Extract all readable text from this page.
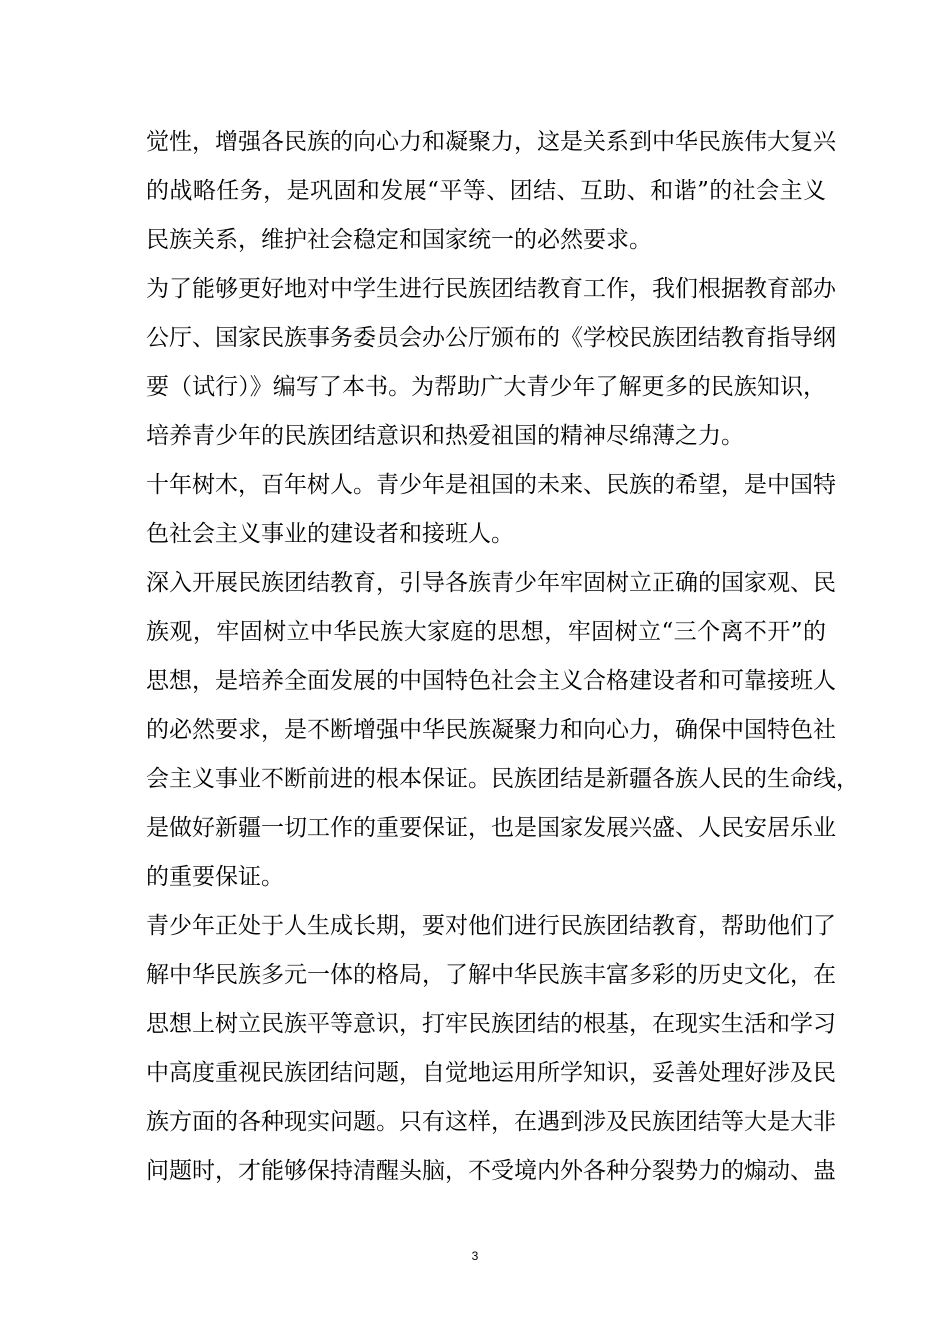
觉性，增强各民族的向心力和凝聚力，这是关系到中华民族伟大复兴
的战略任务，是巩固和发展“平等、团结、互助、和谐”的社会主义
民族关系，维护社会稳定和国家统一的必然要求。
为了能够更好地对中学生进行民族团结教育工作，我们根据教育部办
公厅、国家民族事务委员会办公厅颁布的《学校民族团结教育指导纲
要（试行）》编写了本书。为帮助广大青少年了解更多的民族知识，
培养青少年的民族团结意识和热爱祖国的精神尽绵薄之力。
十年树木，百年树人。青少年是祖国的未来、民族的希望，是中国特
色社会主义事业的建设者和接班人。
深入开展民族团结教育，引导各族青少年牢固树立正确的国家观、民
族观，牢固树立中华民族大家庭的思想，牢固树立“三个离不开”的
思想，是培养全面发展的中国特色社会主义合格建设者和可靠接班人
的必然要求，是不断增强中华民族凝聚力和向心力，确保中国特色社
会主义事业不断前进的根本保证。民族团结是新疆各族人民的生命线，
是做好新疆一切工作的重要保证，也是国家发展兴盛、人民安居乐业
的重要保证。
青少年正处于人生成长期，要对他们进行民族团结教育，帮助他们了
解中华民族多元一体的格局，了解中华民族丰富多彩的历史文化，在
思想上树立民族平等意识，打牢民族团结的根基，在现实生活和学习
中高度重视民族团结问题，自觉地运用所学知识，妥善处理好涉及民
族方面的各种现实问题。只有这样，在遇到涉及民族团结等大是大非
问题时，才能够保持清醒头脑，不受境内外各种分裂势力的煽动、蛊
3
